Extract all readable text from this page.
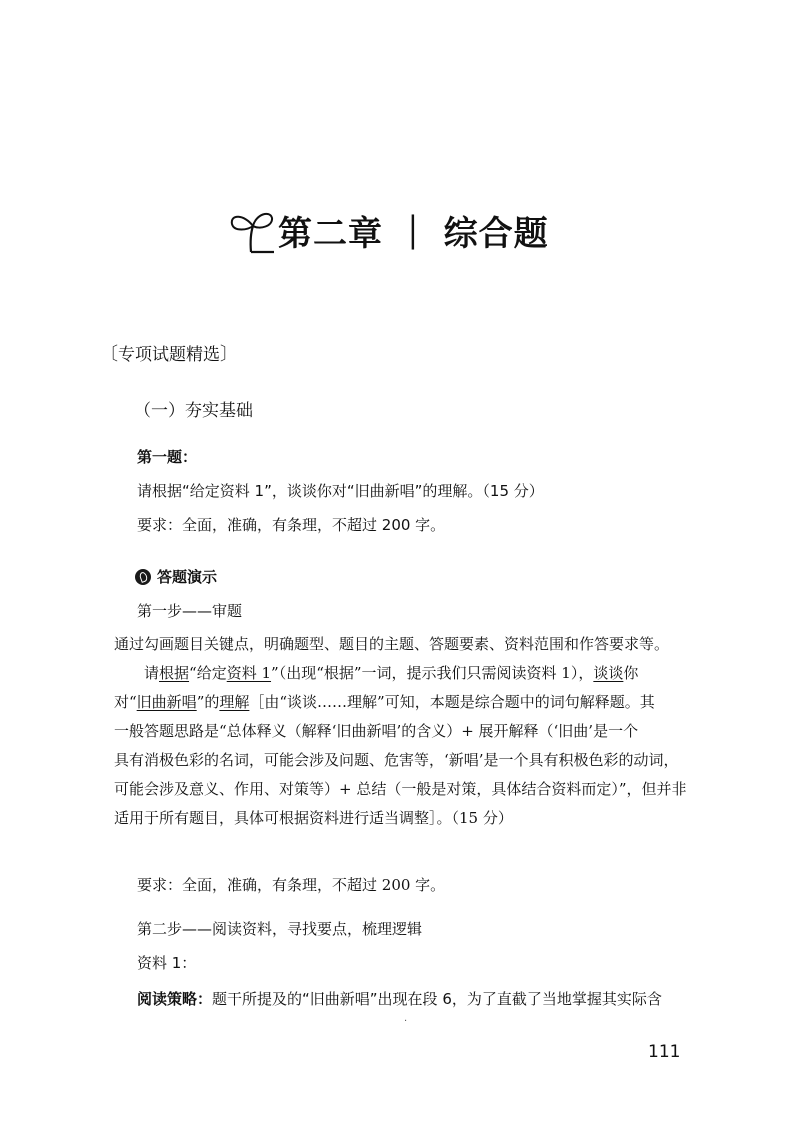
第二章 ｜ 综合题
〔专项试题精选〕
（一）夯实基础
第一题：
请根据“给定资料 1”，谈谈你对“旧曲新唱”的理解。（15 分）
要求：全面，准确，有条理，不超过 200 字。
答题演示
第一步——审题
通过勾画题目关键点，明确题型、题目的主题、答题要素、资料范围和作答要求等。
　　请根据“给定资料 1”（出现“根据”一词，提示我们只需阅读资料 1），谈谈你
对“旧曲新唱”的理解［由“谈谈……理解”可知，本题是综合题中的词句解释题。其
一般答题思路是“总体释义（解释‘旧曲新唱’的含义）+ 展开解释（‘旧曲’是一个
具有消极色彩的名词，可能会涉及问题、危害等，‘新唱’是一个具有积极色彩的动词，
可能会涉及意义、作用、对策等）+ 总结（一般是对策，具体结合资料而定）”，但并非
适用于所有题目，具体可根据资料进行适当调整］。（15 分）
要求：全面，准确，有条理，不超过 200 字。
第二步——阅读资料，寻找要点，梳理逻辑
资料 1：
阅读策略：题干所提及的“旧曲新唱”出现在段 6，为了直截了当地掌握其实际含
·
111
